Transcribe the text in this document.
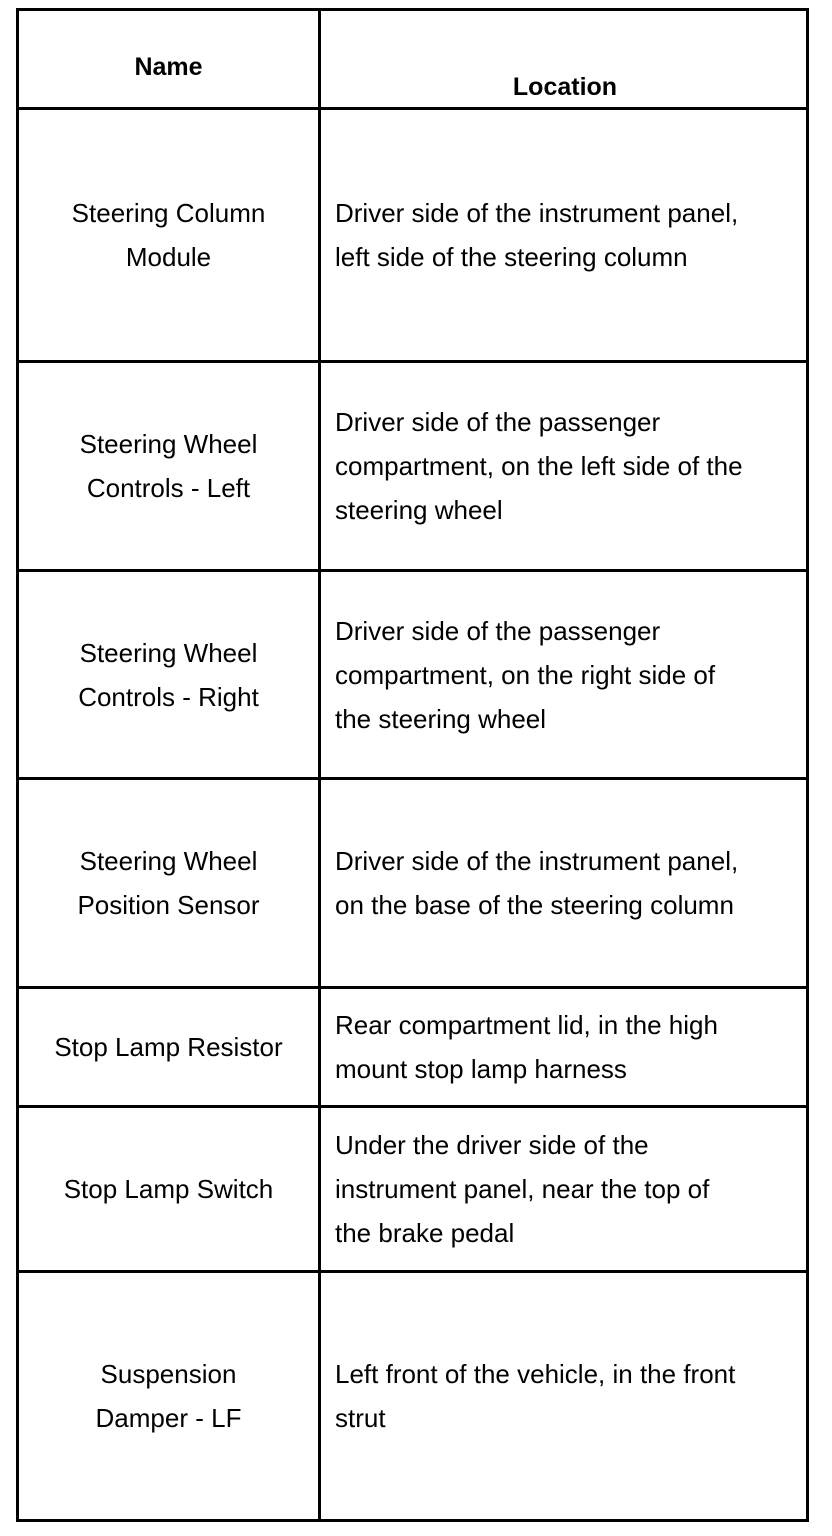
Name
Location
Steering Column
Module
Driver side of the instrument panel,
left side of the steering column
Steering Wheel
Controls - Left
Driver side of the passenger
compartment, on the left side of the
steering wheel
Steering Wheel
Controls - Right
Driver side of the passenger
compartment, on the right side of
the steering wheel
Steering Wheel
Position Sensor
Driver side of the instrument panel,
on the base of the steering column
Stop Lamp Resistor
Rear compartment lid, in the high
mount stop lamp harness
Stop Lamp Switch
Under the driver side of the
instrument panel, near the top of
the brake pedal
Suspension
Damper - LF
Left front of the vehicle, in the front
strut
